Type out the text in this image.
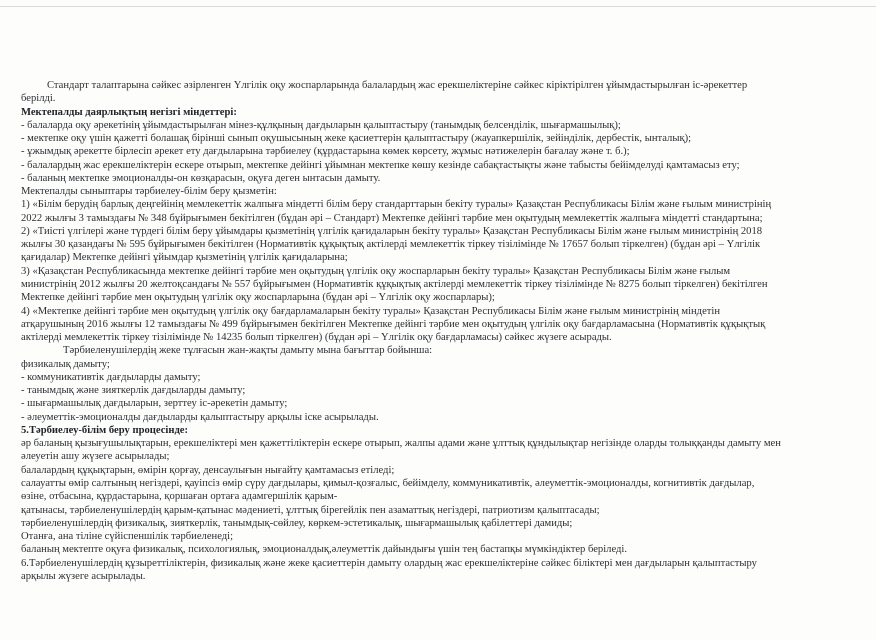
Стандарт талаптарына сәйкес әзірленген Үлгілік оқу жоспарларында балалардың жас ерекшеліктеріне сәйкес кіріктірілген ұйымдастырылған іс-әрекеттер
берілді.
Мектепалды даярлықтың негізгі міндеттері:
- балаларда оқу әрекетінің ұйымдастырылған мінез-құлқының дағдыларын қалыптастыру (танымдық белсенділік, шығармашылық);
- мектепке оқу үшін қажетті болашақ бірінші сынып оқушысының жеке қасиеттерін қалыптастыру (жауапкершілік, зейінділік, дербестік, ынталық);
- ұжымдық әрекетте бірлесіп әрекет ету дағдыларына тәрбиелеу (құрдастарына көмек көрсету, жұмыс нәтижелерін бағалау және т. б.);
- балалардың жас ерекшеліктерін ескере отырып, мектепке дейінгі ұйымнан мектепке көшу кезінде сабақтастықты және табысты бейімделуді қамтамасыз ету;
- баланың мектепке эмоционалды-он көзқарасын, оқуға деген ынтасын дамыту.
Мектепалды сыныптары тәрбиелеу-білім беру қызметін:
1) «Білім берудің барлық деңгейінің мемлекеттік жалпыға міндетті білім беру стандарттарын бекіту туралы» Қазақстан Республикасы Білім және ғылым министрінің
2022 жылғы 3 тамыздағы № 348 бұйрығымен бекітілген (бұдан әрі – Стандарт) Мектепке дейінгі тәрбие мен оқытудың мемлекеттік жалпыға міндетті стандартына;
2) «Тиісті үлгілері және түрдегі білім беру ұйымдары қызметінің үлгілік қағидаларын бекіту туралы» Қазақстан Республикасы Білім және ғылым министрінің 2018
жылғы 30 қазандағы № 595 бұйрығымен бекітілген (Нормативтік құқықтық актілерді мемлекеттік тіркеу тізілімінде № 17657 болып тіркелген) (бұдан әрі – Үлгілік
қағидалар) Мектепке дейінгі ұйымдар қызметінің үлгілік қағидаларына;
3) «Қазақстан Республикасында мектепке дейінгі тәрбие мен оқытудың үлгілік оқу жоспарларын бекіту туралы» Қазақстан Республикасы Білім және ғылым
министрінің 2012 жылғы 20 желтоқсандағы № 557 бұйрығымен (Нормативтік құқықтық актілерді мемлекеттік тіркеу тізілімінде № 8275 болып тіркелген) бекітілген
Мектепке дейінгі тәрбие мен оқытудың үлгілік оқу жоспарларына (бұдан әрі – Үлгілік оқу жоспарлары);
4) «Мектепке дейінгі тәрбие мен оқытудың үлгілік оқу бағдарламаларын бекіту туралы» Қазақстан Республикасы Білім және ғылым министрінің міндетін
атқарушының 2016 жылғы 12 тамыздағы № 499 бұйрығымен бекітілген Мектепке дейінгі тәрбие мен оқытудың үлгілік оқу бағдарламасына (Нормативтік құқықтық
актілерді мемлекеттік тіркеу тізілімінде № 14235 болып тіркелген) (бұдан әрі – Үлгілік оқу бағдарламасы) сәйкес жүзеге асырады.
Тәрбиеленушілердің жеке тұлғасын жан-жақты дамыту мына бағыттар бойынша:
физикалық дамыту;
- коммуникативтік дағдыларды дамыту;
- танымдық және зияткерлік дағдыларды дамыту;
- шығармашылық дағдыларын, зерттеу іс-әрекетін дамыту;
- әлеуметтік-эмоционалды дағдыларды қалыптастыру арқылы іске асырылады.
5.Тәрбиелеу-білім беру процесінде:
әр баланың қызығушылықтарын, ерекшеліктері мен қажеттіліктерін ескере отырып, жалпы адами және ұлттық құндылықтар негізінде оларды толыққанды дамыту мен
әлеуетін ашу жүзеге асырылады;
балалардың құқықтарын, өмірін қорғау, денсаулығын нығайту қамтамасыз етіледі;
салауатты өмір салтының негіздері, қауіпсіз өмір сүру дағдылары, қимыл-қозғалыс, бейімделу, коммуникативтік, әлеуметтік-эмоционалды, когнитивтік дағдылар,
өзіне, отбасына, құрдастарына, қоршаған ортаға адамгершілік қарым-
қатынасы, тәрбиеленушілердің қарым-қатынас мәдениеті, ұлттық бірегейлік пен азаматтық негіздері, патриотизм қалыптасады;
тәрбиеленушілердің физикалық, зияткерлік, танымдық-сөйлеу, көркем-эстетикалық, шығармашылық қабілеттері дамиды;
Отанға, ана тіліне сүйіспеншілік тәрбиеленеді;
баланың мектепте оқуға физикалық, психологиялық, эмоционалдық,әлеуметтік дайындығы үшін тең бастапқы мүмкіндіктер беріледі.
6.Тәрбиеленушілердің құзыреттіліктерін, физикалық және жеке қасиеттерін дамыту олардың жас ерекшеліктеріне сәйкес біліктері мен дағдыларын қалыптастыру
арқылы жүзеге асырылады.
